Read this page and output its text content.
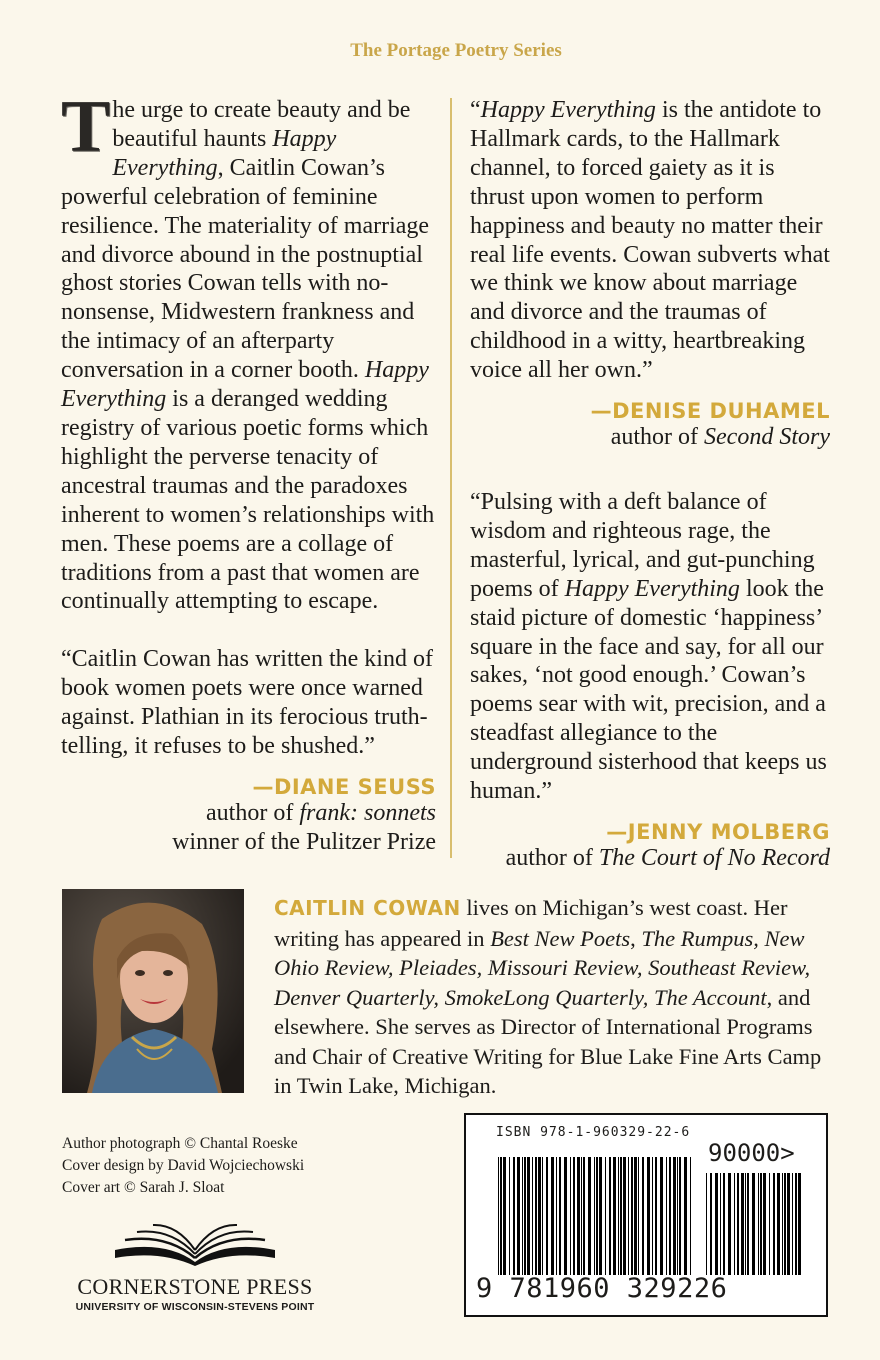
The Portage Poetry Series

The urge to create beauty and be beautiful haunts Happy Everything, Caitlin Cowan’s powerful celebration of feminine resilience. The materiality of marriage and divorce abound in the postnuptial ghost stories Cowan tells with no-nonsense, Midwestern frankness and the intimacy of an afterparty conversation in a corner booth. Happy Everything is a deranged wedding registry of various poetic forms which highlight the perverse tenacity of ancestral traumas and the paradoxes inherent to women’s relationships with men. These poems are a collage of traditions from a past that women are continually attempting to escape.

“Caitlin Cowan has written the kind of book women poets were once warned against. Plathian in its ferocious truth-telling, it refuses to be shushed.”

—DIANE SEUSS
author of frank: sonnets
winner of the Pulitzer Prize

“Happy Everything is the antidote to Hallmark cards, to the Hallmark channel, to forced gaiety as it is thrust upon women to perform happiness and beauty no matter their real life events. Cowan subverts what we think we know about marriage and divorce and the traumas of childhood in a witty, heartbreaking voice all her own.”

—DENISE DUHAMEL
author of Second Story

“Pulsing with a deft balance of wisdom and righteous rage, the masterful, lyrical, and gut-punching poems of Happy Everything look the staid picture of domestic ‘happiness’ square in the face and say, for all our sakes, ‘not good enough.’ Cowan’s poems sear with wit, precision, and a steadfast allegiance to the underground sisterhood that keeps us human.”

—JENNY MOLBERG
author of The Court of No Record
CAITLIN COWAN lives on Michigan’s west coast. Her writing has appeared in Best New Poets, The Rumpus, New Ohio Review, Pleiades, Missouri Review, Southeast Review, Denver Quarterly, SmokeLong Quarterly, The Account, and elsewhere. She serves as Director of International Programs and Chair of Creative Writing for Blue Lake Fine Arts Camp in Twin Lake, Michigan.
Author photograph © Chantal Roeske
Cover design by David Wojciechowski
Cover art © Sarah J. Sloat
CORNERSTONE PRESS
UNIVERSITY OF WISCONSIN-STEVENS POINT
ISBN 978-1-960329-22-6
90000>
9 781960 329226
